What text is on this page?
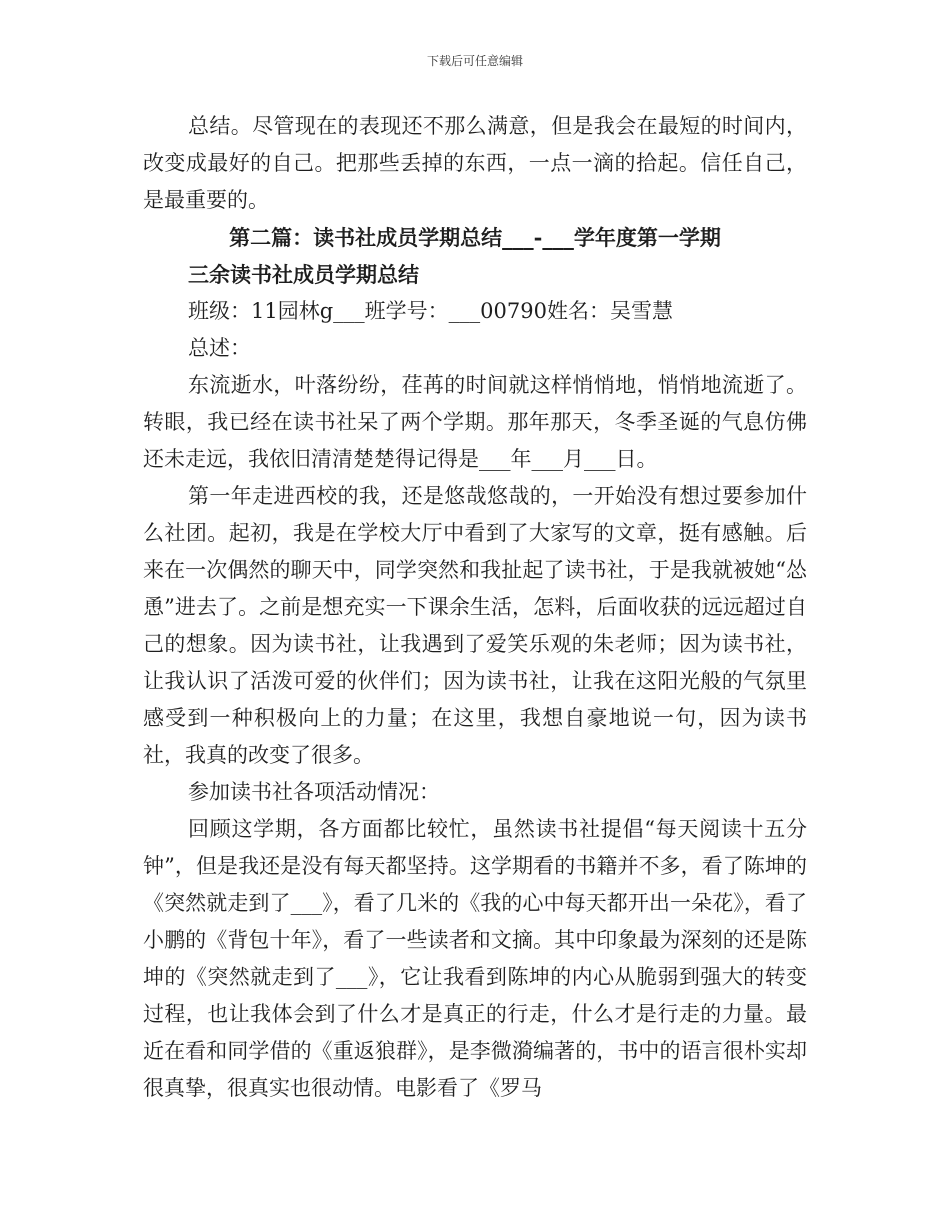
下载后可任意编辑

总结。尽管现在的表现还不那么满意，但是我会在最短的时间内，改变成最好的自己。把那些丢掉的东西，一点一滴的拾起。信任自己，是最重要的。

第二篇：读书社成员学期总结___-___学年度第一学期

三余读书社成员学期总结

班级：11园林g___班学号：___00790姓名：吴雪慧

总述：

东流逝水，叶落纷纷，荏苒的时间就这样悄悄地，悄悄地流逝了。转眼，我已经在读书社呆了两个学期。那年那天，冬季圣诞的气息仿佛还未走远，我依旧清清楚楚得记得是___年___月___日。

第一年走进西校的我，还是悠哉悠哉的，一开始没有想过要参加什么社团。起初，我是在学校大厅中看到了大家写的文章，挺有感触。后来在一次偶然的聊天中，同学突然和我扯起了读书社，于是我就被她“怂恿”进去了。之前是想充实一下课余生活，怎料，后面收获的远远超过自己的想象。因为读书社，让我遇到了爱笑乐观的朱老师；因为读书社，让我认识了活泼可爱的伙伴们；因为读书社，让我在这阳光般的气氛里感受到一种积极向上的力量；在这里，我想自豪地说一句，因为读书社，我真的改变了很多。

参加读书社各项活动情况：

回顾这学期，各方面都比较忙，虽然读书社提倡“每天阅读十五分钟”，但是我还是没有每天都坚持。这学期看的书籍并不多，看了陈坤的《突然就走到了___》，看了几米的《我的心中每天都开出一朵花》，看了小鹏的《背包十年》，看了一些读者和文摘。其中印象最为深刻的还是陈坤的《突然就走到了___》，它让我看到陈坤的内心从脆弱到强大的转变过程，也让我体会到了什么才是真正的行走，什么才是行走的力量。最近在看和同学借的《重返狼群》，是李微漪编著的，书中的语言很朴实却很真挚，很真实也很动情。电影看了《罗马
